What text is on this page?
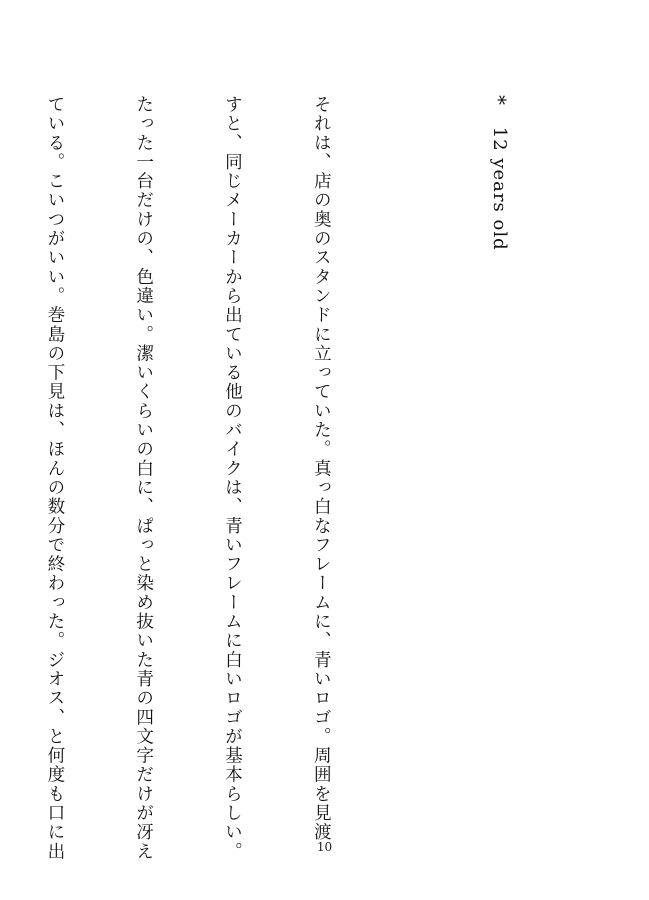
* 12 years old

それは、店の奥のスタンドに立っていた。真っ白なフレームに、青いロゴ。周囲を見渡

すと、同じメーカーから出ている他のバイクは、青いフレームに白いロゴが基本らしい。

たった一台だけの、色違い。潔いくらいの白に、ぱっと染め抜いた青の四文字だけが冴え

ている。こいつがいい。巻島の下見は、ほんの数分で終わった。ジオス、と何度も口に出

	10
